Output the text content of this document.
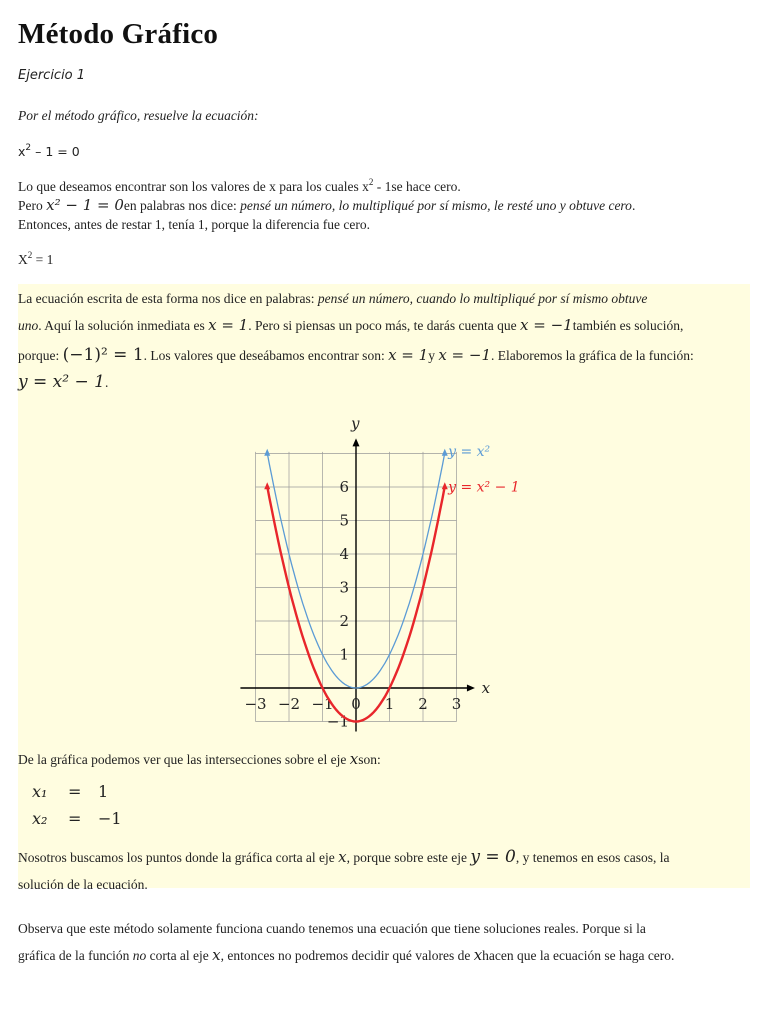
Método Gráfico
Ejercicio 1
Por el método gráfico, resuelve la ecuación:
$x^2 - 1 = 0$
Lo que deseamos encontrar son los valores de x para los cuales $x^2 - 1se$ hace cero.
Pero x² − 1 = 0en palabras nos dice: pensé un número, lo multipliqué por sí mismo, le resté uno y obtuve cero.
Entonces, antes de restar 1, tenía 1, porque la diferencia fue cero.
$X^2 = 1$
La ecuación escrita de esta forma nos dice en palabras: pensé un número, cuando lo multipliqué por sí mismo obtuve
uno. Aquí la solución inmediata es x = 1. Pero si piensas un poco más, te darás cuenta que x = −1también es solución,
porque: (−1)² = 1. Los valores que deseábamos encontrar son: x = 1y x = −1. Elaboremos la gráfica de la función:
y = x² − 1.
x
y
−3 −2 −1 0 1 2 3
−1
1
2
3
4
5
6
y = x²
y = x² − 1
De la gráfica podemos ver que las intersecciones sobre el eje xson:
x₁ = 1
x₂ = −1
Nosotros buscamos los puntos donde la gráfica corta al eje x, porque sobre este eje y = 0, y tenemos en esos casos, la
solución de la ecuación.
Observa que este método solamente funciona cuando tenemos una ecuación que tiene soluciones reales. Porque si la
gráfica de la función no corta al eje x, entonces no podremos decidir qué valores de xhacen que la ecuación se haga cero.
